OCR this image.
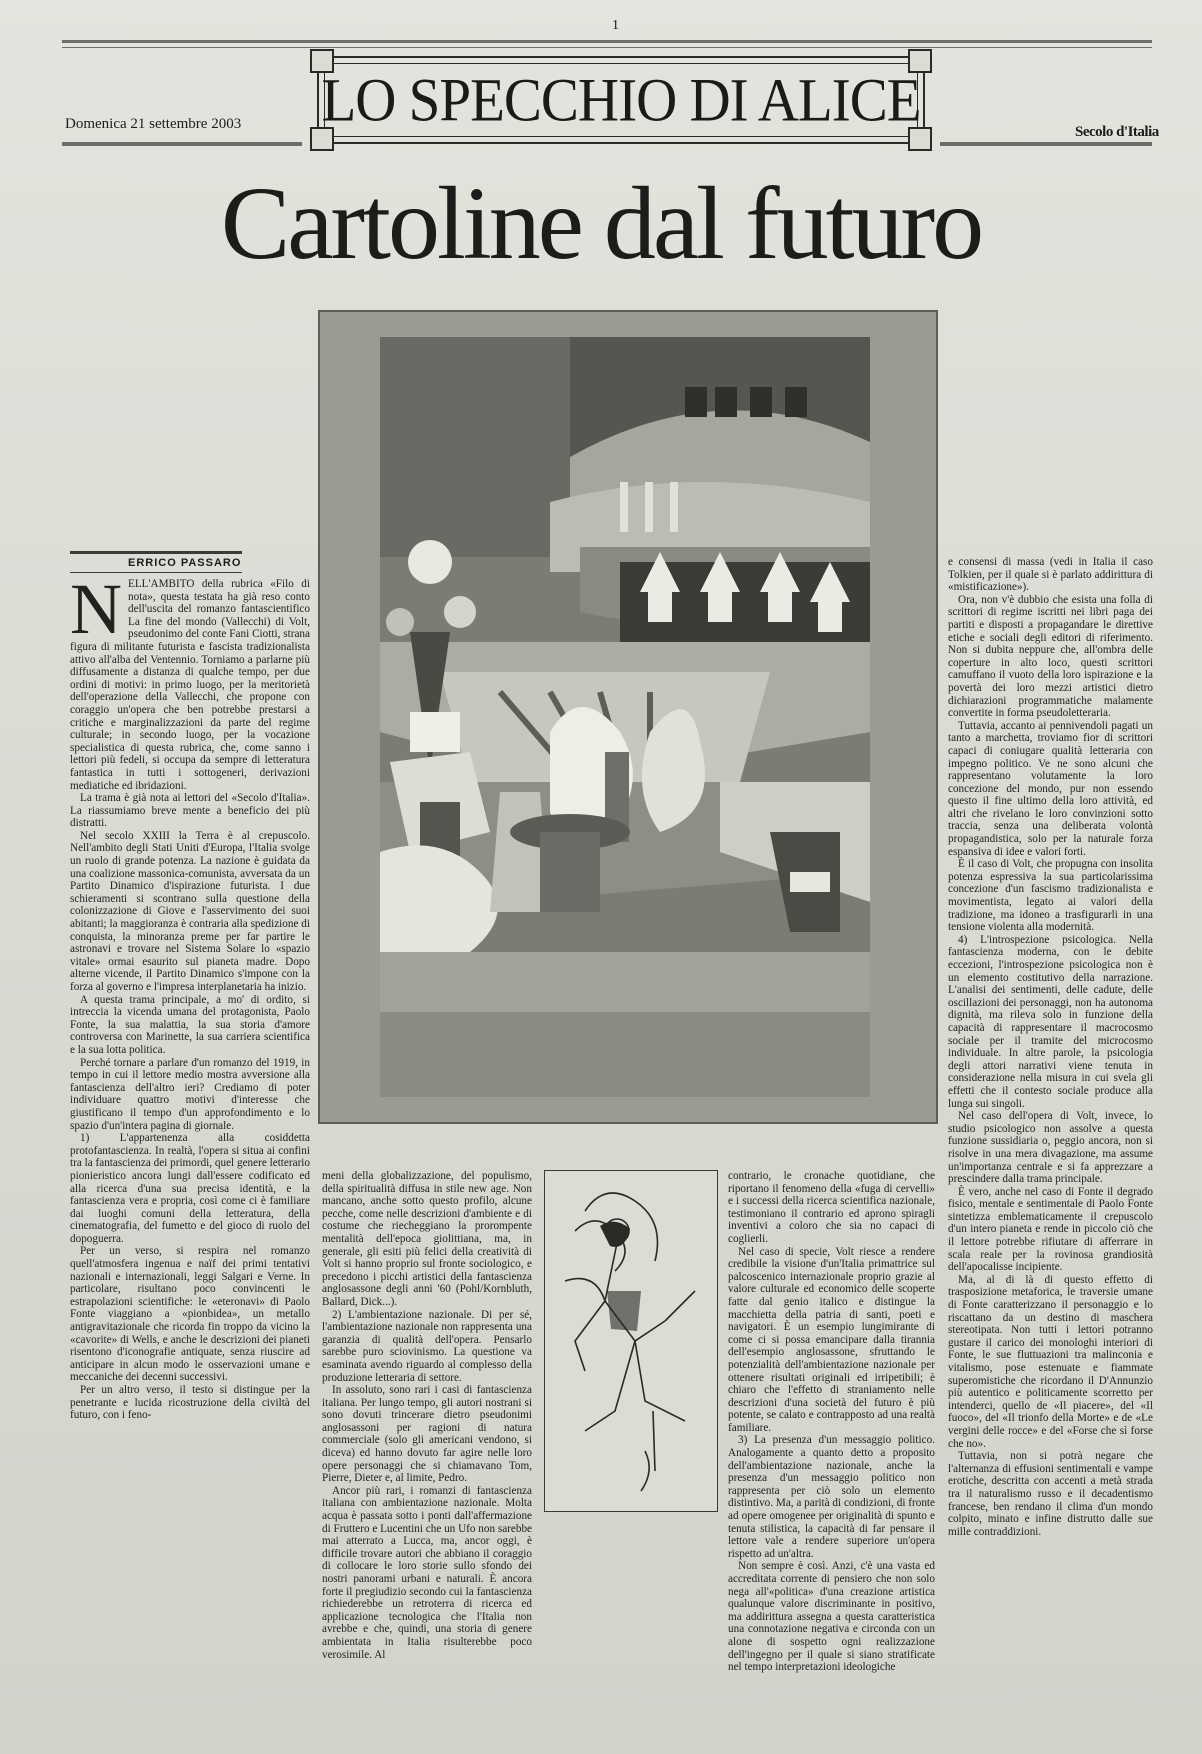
1
Domenica 21 settembre 2003 LO SPECCHIO DI ALICE	Secolo d'Italia
Cartoline dal futuro
ERRICO PASSARO
N ELL'AMBITO della rubrica «Filo di nota», questa testata ha già reso conto dell'uscita del romanzo fantascientifico La fine del mondo (Vallecchi) di Volt, pseudonimo del conte Fani Ciotti, strana figura di militante futurista e fascista tradizionalista attivo all'alba del Ventennio. Torniamo a parlarne più diffusamente a distanza di qualche tempo, per due ordini di motivi: in primo luogo, per la meritorietà dell'operazione della Vallecchi, che propone con coraggio un'opera che ben potrebbe prestarsi a critiche e marginalizzazioni da parte del regime culturale; in secondo luogo, per la vocazione specialistica di questa rubrica, che, come sanno i lettori più fedeli, si occupa da sempre di letteratura fantastica in tutti i sottogeneri, derivazioni mediatiche ed ibridazioni.

La trama è già nota ai lettori del «Secolo d'Italia». La riassumiamo breve mente a beneficio dei più distratti.

Nel secolo XXIII la Terra è al crepuscolo. Nell'ambito degli Stati Uniti d'Europa, l'Italia svolge un ruolo di grande potenza. La nazione è guidata da una coalizione massonica-comunista, avversata da un Partito Dinamico d'ispirazione futurista. I due schieramenti si scontrano sulla questione della colonizzazione di Giove e l'asservimento dei suoi abitanti; la maggioranza è contraria alla spedizione di conquista, la minoranza preme per far partire le astronavi e trovare nel Sistema Solare lo «spazio vitale» ormai esaurito sul pianeta madre. Dopo alterne vicende, il Partito Dinamico s'impone con la forza al governo e l'impresa interplanetaria ha inizio.

A questa trama principale, a mo' di ordito, si intreccia la vicenda umana del protagonista, Paolo Fonte, la sua malattia, la sua storia d'amore controversa con Marinette, la sua carriera scientifica e la sua lotta politica.

Perché tornare a parlare d'un romanzo del 1919, in tempo in cui il lettore medio mostra avversione alla fantascienza dell'altro ieri? Crediamo di poter individuare quattro motivi d'interesse che giustificano il tempo d'un approfondimento e lo spazio d'un'intera pagina di giornale.

1) L'appartenenza alla cosiddetta protofantascienza. In realtà, l'opera si situa ai confini tra la fantascienza dei primordi, quel genere letterario pionieristico ancora lungi dall'essere codificato ed alla ricerca d'una sua precisa identità, e la fantascienza vera e propria, così come ci è familiare dai luoghi comuni della letteratura, della cinematografia, del fumetto e del gioco di ruolo del dopoguerra.

Per un verso, si respira nel romanzo quell'atmosfera ingenua e naïf dei primi tentativi nazionali e internazionali, leggi Salgari e Verne. In particolare, risultano poco convincenti le estrapolazioni scientifiche: le «eteronavi» di Paolo Fonte viaggiano a «pionbidea», un metallo antigravitazionale che ricorda fin troppo da vicino la «cavorite» di Wells, e anche le descrizioni dei pianeti risentono d'iconografie antiquate, senza riuscire ad anticipare in alcun modo le osservazioni umane e meccaniche dei decenni successivi.

Per un altro verso, il testo si distingue per la penetrante e lucida ricostruzione della civiltà del futuro, con i feno-

meni della globalizzazione, del populismo, della spiritualità diffusa in stile new age. Non mancano, anche sotto questo profilo, alcune pecche, come nelle descrizioni d'ambiente e di costume che riecheggiano la prorompente mentalità dell'epoca giolittiana, ma, in generale, gli esiti più felici della creatività di Volt si hanno proprio sul fronte sociologico, e precedono i picchi artistici della fantascienza anglosassone degli anni '60 (Pohl/Kornbluth, Ballard, Dick...).

2) L'ambientazione nazionale. Di per sé, l'ambientazione nazionale non rappresenta una garanzia di qualità dell'opera. Pensarlo sarebbe puro sciovinismo. La questione va esaminata avendo riguardo al complesso della produzione letteraria di settore.

In assoluto, sono rari i casi di fantascienza italiana. Per lungo tempo, gli autori nostrani si sono dovuti trincerare dietro pseudonimi anglosassoni per ragioni di natura commerciale (solo gli americani vendono, si diceva) ed hanno dovuto far agire nelle loro opere personaggi che si chiamavano Tom, Pierre, Dieter e, al limite, Pedro.

Ancor più rari, i romanzi di fantascienza italiana con ambientazione nazionale. Molta acqua è passata sotto i ponti dall'affermazione di Fruttero e Lucentini che un Ufo non sarebbe mai atterrato a Lucca, ma, ancor oggi, è difficile trovare autori che abbiano il coraggio di collocare le loro storie sullo sfondo dei nostri panorami urbani e naturali. È ancora forte il pregiudizio secondo cui la fantascienza richiederebbe un retroterra di ricerca ed applicazione tecnologica che l'Italia non avrebbe e che, quindi, una storia di genere ambientata in Italia risulterebbe poco verosimile. Al

contrario, le cronache quotidiane, che riportano il fenomeno della «fuga di cervelli» e i successi della ricerca scientifica nazionale, testimoniano il contrario ed aprono spiragli inventivi a coloro che sia no capaci di coglierli.

Nel caso di specie, Volt riesce a rendere credibile la visione d'un'Italia primattrice sul palcoscenico internazionale proprio grazie al valore culturale ed economico delle scoperte fatte dal genio italico e distingue la macchietta della patria di santi, poeti e navigatori. È un esempio lungimirante di come ci si possa emancipare dalla tirannia dell'esempio anglosassone, sfruttando le potenzialità dell'ambientazione nazionale per ottenere risultati originali ed irripetibili; è chiaro che l'effetto di straniamento nelle descrizioni d'una società del futuro è più potente, se calato e contrapposto ad una realtà familiare.

3) La presenza d'un messaggio politico. Analogamente a quanto detto a proposito dell'ambientazione nazionale, anche la presenza d'un messaggio politico non rappresenta per ciò solo un elemento distintivo. Ma, a parità di condizioni, di fronte ad opere omogenee per originalità di spunto e tenuta stilistica, la capacità di far pensare il lettore vale a rendere superiore un'opera rispetto ad un'altra.

Non sempre è così. Anzi, c'è una vasta ed accreditata corrente di pensiero che non solo nega all'«politica» d'una creazione artistica qualunque valore discriminante in positivo, ma addirittura assegna a questa caratteristica una connotazione negativa e circonda con un alone di sospetto ogni realizzazione dell'ingegno per il quale si siano stratificate nel tempo interpretazioni ideologiche

e consensi di massa (vedi in Italia il caso Tolkien, per il quale si è parlato addirittura di «mistificazione»).

Ora, non v'è dubbio che esista una folla di scrittori di regime iscritti nei libri paga dei partiti e disposti a propagandare le direttive etiche e sociali degli editori di riferimento. Non si dubita neppure che, all'ombra delle coperture in alto loco, questi scrittori camuffano il vuoto della loro ispirazione e la povertà dei loro mezzi artistici dietro dichiarazioni programmatiche malamente convertite in forma pseudoletteraria.

Tuttavia, accanto ai pennivendoli pagati un tanto a marchetta, troviamo fior di scrittori capaci di coniugare qualità letteraria con impegno politico. Ve ne sono alcuni che rappresentano volutamente la loro concezione del mondo, pur non essendo questo il fine ultimo della loro attività, ed altri che rivelano le loro convinzioni sotto traccia, senza una deliberata volontà propagandistica, solo per la naturale forza espansiva di idee e valori forti.

È il caso di Volt, che propugna con insolita potenza espressiva la sua particolarissima concezione d'un fascismo tradizionalista e movimentista, legato ai valori della tradizione, ma idoneo a trasfigurarli in una tensione violenta alla modernità.

4) L'introspezione psicologica. Nella fantascienza moderna, con le debite eccezioni, l'introspezione psicologica non è un elemento costitutivo della narrazione. L'analisi dei sentimenti, delle cadute, delle oscillazioni dei personaggi, non ha autonoma dignità, ma rileva solo in funzione della capacità di rappresentare il macrocosmo sociale per il tramite del microcosmo individuale. In altre parole, la psicologia degli attori narrativi viene tenuta in considerazione nella misura in cui svela gli effetti che il contesto sociale produce alla lunga sui singoli.

Nel caso dell'opera di Volt, invece, lo studio psicologico non assolve a questa funzione sussidiaria o, peggio ancora, non si risolve in una mera divagazione, ma assume un'importanza centrale e si fa apprezzare a prescindere dalla trama principale.

È vero, anche nel caso di Fonte il degrado fisico, mentale e sentimentale di Paolo Fonte sintetizza emblematicamente il crepuscolo d'un intero pianeta e rende in piccolo ciò che il lettore potrebbe rifiutare di afferrare in scala reale per la rovinosa grandiosità dell'apocalisse incipiente.

Ma, al di là di questo effetto di trasposizione metaforica, le traversie umane di Fonte caratterizzano il personaggio e lo riscattano da un destino di maschera stereotipata. Non tutti i lettori potranno gustare il carico dei monologhi interiori di Fonte, le sue fluttuazioni tra malinconia e vitalismo, pose estenuate e fiammate superomistiche che ricordano il D'Annunzio più autentico e politicamente scorretto per intenderci, quello de «Il piacere», del «Il fuoco», del «Il trionfo della Morte» e de «Le vergini delle rocce» e del «Forse che sì forse che no».

Tuttavia, non si potrà negare che l'alternanza di effusioni sentimentali e vampe erotiche, descritta con accenti a metà strada tra il naturalismo russo e il decadentismo francese, ben rendano il clima d'un mondo colpito, minato e infine distrutto dalle sue mille contraddizioni.
